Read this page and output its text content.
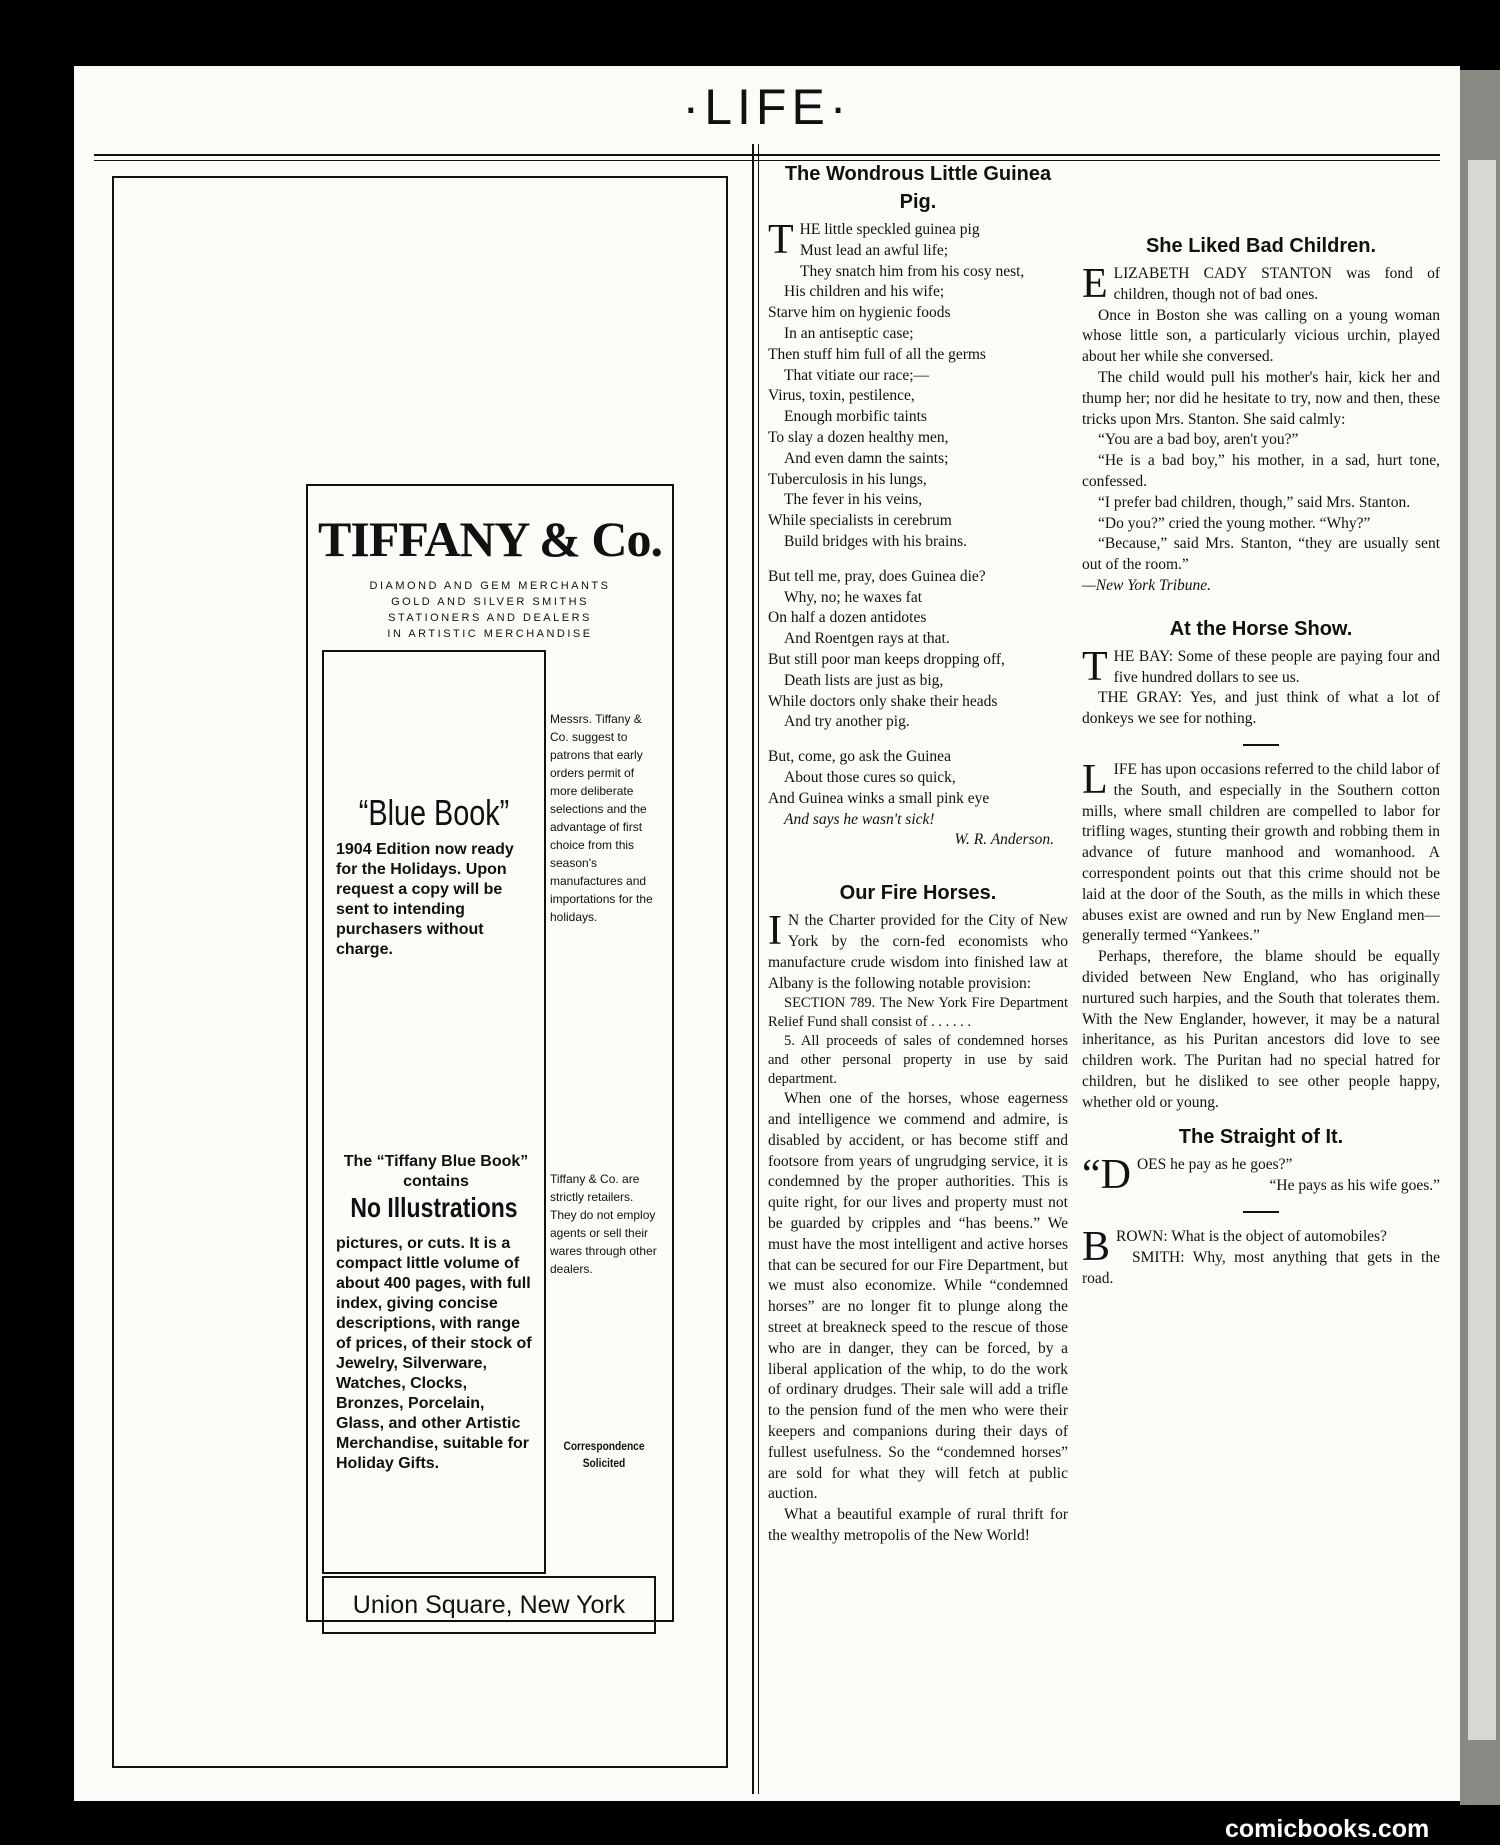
·LIFE·
TIFFANY & Co.
DIAMOND AND GEM MERCHANTS
GOLD AND SILVER SMITHS
STATIONERS AND DEALERS
IN ARTISTIC MERCHANDISE
“Blue Book”
1904 Edition now ready for the Holidays. Upon request a copy will be sent to intending purchasers without charge.
The “Tiffany Blue Book” contains
No Illustrations
pictures, or cuts. It is a compact little volume of about 400 pages, with full index, giving concise descriptions, with range of prices, of their stock of Jewelry, Silverware, Watches, Clocks, Bronzes, Porcelain, Glass, and other Artistic Merchandise, suitable for Holiday Gifts.
Messrs. Tiffany & Co. suggest to patrons that early orders permit of more deliberate selections and the advantage of first choice from this season's manufactures and importations for the holidays.
Tiffany & Co. are strictly retailers. They do not employ agents or sell their wares through other dealers.
Correspondence Solicited
Union Square, New York
The Wondrous Little Guinea Pig.
T HE little speckled guinea pig

Must lead an awful life;

They snatch him from his cosy nest,

His children and his wife;

Starve him on hygienic foods

In an antiseptic case;

Then stuff him full of all the germs

That vitiate our race;—

Virus, toxin, pestilence,

Enough morbific taints

To slay a dozen healthy men,

And even damn the saints;

Tuberculosis in his lungs,

The fever in his veins,

While specialists in cerebrum

Build bridges with his brains.

But tell me, pray, does Guinea die?

Why, no; he waxes fat

On half a dozen antidotes

And Roentgen rays at that.

But still poor man keeps dropping off,

Death lists are just as big,

While doctors only shake their heads

And try another pig.

But, come, go ask the Guinea

About those cures so quick,

And Guinea winks a small pink eye

And says he wasn't sick!

W. R. Anderson.

Our Fire Horses.

I N the Charter provided for the City of New York by the corn-fed economists who manufacture crude wisdom into finished law at Albany is the following notable provision:

SECTION 789. The New York Fire Department Relief Fund shall consist of . . . . . .

5. All proceeds of sales of condemned horses and other personal property in use by said department.

When one of the horses, whose eagerness and intelligence we commend and admire, is disabled by accident, or has become stiff and footsore from years of ungrudging service, it is condemned by the proper authorities. This is quite right, for our lives and property must not be guarded by cripples and “has beens.” We must have the most intelligent and active horses that can be secured for our Fire Department, but we must also economize. While “condemned horses” are no longer fit to plunge along the street at breakneck speed to the rescue of those who are in danger, they can be forced, by a liberal application of the whip, to do the work of ordinary drudges. Their sale will add a trifle to the pension fund of the men who were their keepers and companions during their days of fullest usefulness. So the “condemned horses” are sold for what they will fetch at public auction.

What a beautiful example of rural thrift for the wealthy metropolis of the New World!

She Liked Bad Children.

ELIZABETH CADY STANTON was fond of children, though not of bad ones.

Once in Boston she was calling on a young woman whose little son, a particularly vicious urchin, played about her while she conversed.

The child would pull his mother's hair, kick her and thump her; nor did he hesitate to try, now and then, these tricks upon Mrs. Stanton. She said calmly:

“You are a bad boy, aren't you?”

“He is a bad boy,” his mother, in a sad, hurt tone, confessed.

“I prefer bad children, though,” said Mrs. Stanton.

“Do you?” cried the young mother. “Why?”

“Because,” said Mrs. Stanton, “they are usually sent out of the room.”

—New York Tribune.

At the Horse Show.

THE BAY: Some of these people are paying four and five hundred dollars to see us.

THE GRAY: Yes, and just think of what a lot of donkeys we see for nothing.

LIFE has upon occasions referred to the child labor of the South, and especially in the Southern cotton mills, where small children are compelled to labor for trifling wages, stunting their growth and robbing them in advance of future manhood and womanhood. A correspondent points out that this crime should not be laid at the door of the South, as the mills in which these abuses exist are owned and run by New England men—generally termed “Yankees.”

Perhaps, therefore, the blame should be equally divided between New England, who has originally nurtured such harpies, and the South that tolerates them. With the New Englander, however, it may be a natural inheritance, as his Puritan ancestors did love to see children work. The Puritan had no special hatred for children, but he disliked to see other people happy, whether old or young.

The Straight of It.

“DOES he pay as he goes?”

“He pays as his wife goes.”

BROWN: What is the object of automobiles?

SMITH: Why, most anything that gets in the road.

comicbooks.com
